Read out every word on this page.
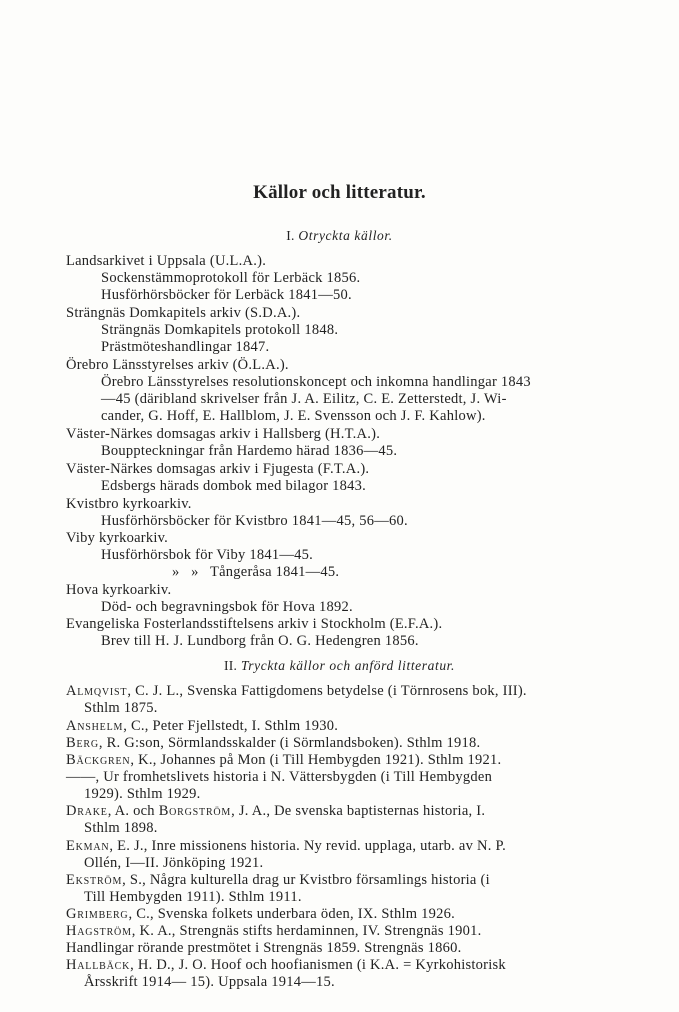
Källor och litteratur.
I. Otryckta källor.
Landsarkivet i Uppsala (U.L.A.).
Sockenstämmoprotokoll för Lerbäck 1856.
Husförhörsböcker för Lerbäck 1841—50.
Strängnäs Domkapitels arkiv (S.D.A.).
Strängnäs Domkapitels protokoll 1848.
Prästmöteshandlingar 1847.
Örebro Länsstyrelses arkiv (Ö.L.A.).
Örebro Länsstyrelses resolutionskoncept och inkomna handlingar 1843
—45 (däribland skrivelser från J. A. Eilitz, C. E. Zetterstedt, J. Wi-
cander, G. Hoff, E. Hallblom, J. E. Svensson och J. F. Kahlow).
Väster-Närkes domsagas arkiv i Hallsberg (H.T.A.).
Bouppteckningar från Hardemo härad 1836—45.
Väster-Närkes domsagas arkiv i Fjugesta (F.T.A.).
Edsbergs härads dombok med bilagor 1843.
Kvistbro kyrkoarkiv.
Husförhörsböcker för Kvistbro 1841—45, 56—60.
Viby kyrkoarkiv.
Husförhörsbok för Viby 1841—45.
»   »   Tångeråsa 1841—45.
Hova kyrkoarkiv.
Död- och begravningsbok för Hova 1892.
Evangeliska Fosterlandsstiftelsens arkiv i Stockholm (E.F.A.).
Brev till H. J. Lundborg från O. G. Hedengren 1856.
II. Tryckta källor och anförd litteratur.
Almqvist, C. J. L., Svenska Fattigdomens betydelse (i Törnrosens bok, III).
Sthlm 1875.
Anshelm, C., Peter Fjellstedt, I. Sthlm 1930.
Berg, R. G:son, Sörmlandsskalder (i Sörmlandsboken). Sthlm 1918.
Bäckgren, K., Johannes på Mon (i Till Hembygden 1921). Sthlm 1921.
——, Ur fromhetslivets historia i N. Vättersbygden (i Till Hembygden
1929). Sthlm 1929.
Drake, A. och Borgström, J. A., De svenska baptisternas historia, I.
Sthlm 1898.
Ekman, E. J., Inre missionens historia. Ny revid. upplaga, utarb. av N. P.
Ollén, I—II. Jönköping 1921.
Ekström, S., Några kulturella drag ur Kvistbro församlings historia (i
Till Hembygden 1911). Sthlm 1911.
Grimberg, C., Svenska folkets underbara öden, IX. Sthlm 1926.
Hagström, K. A., Strengnäs stifts herdaminnen, IV. Strengnäs 1901.
Handlingar rörande prestmötet i Strengnäs 1859. Strengnäs 1860.
Hallbäck, H. D., J. O. Hoof och hoofianismen (i K.A. = Kyrkohistorisk
Årsskrift 1914— 15). Uppsala 1914—15.
